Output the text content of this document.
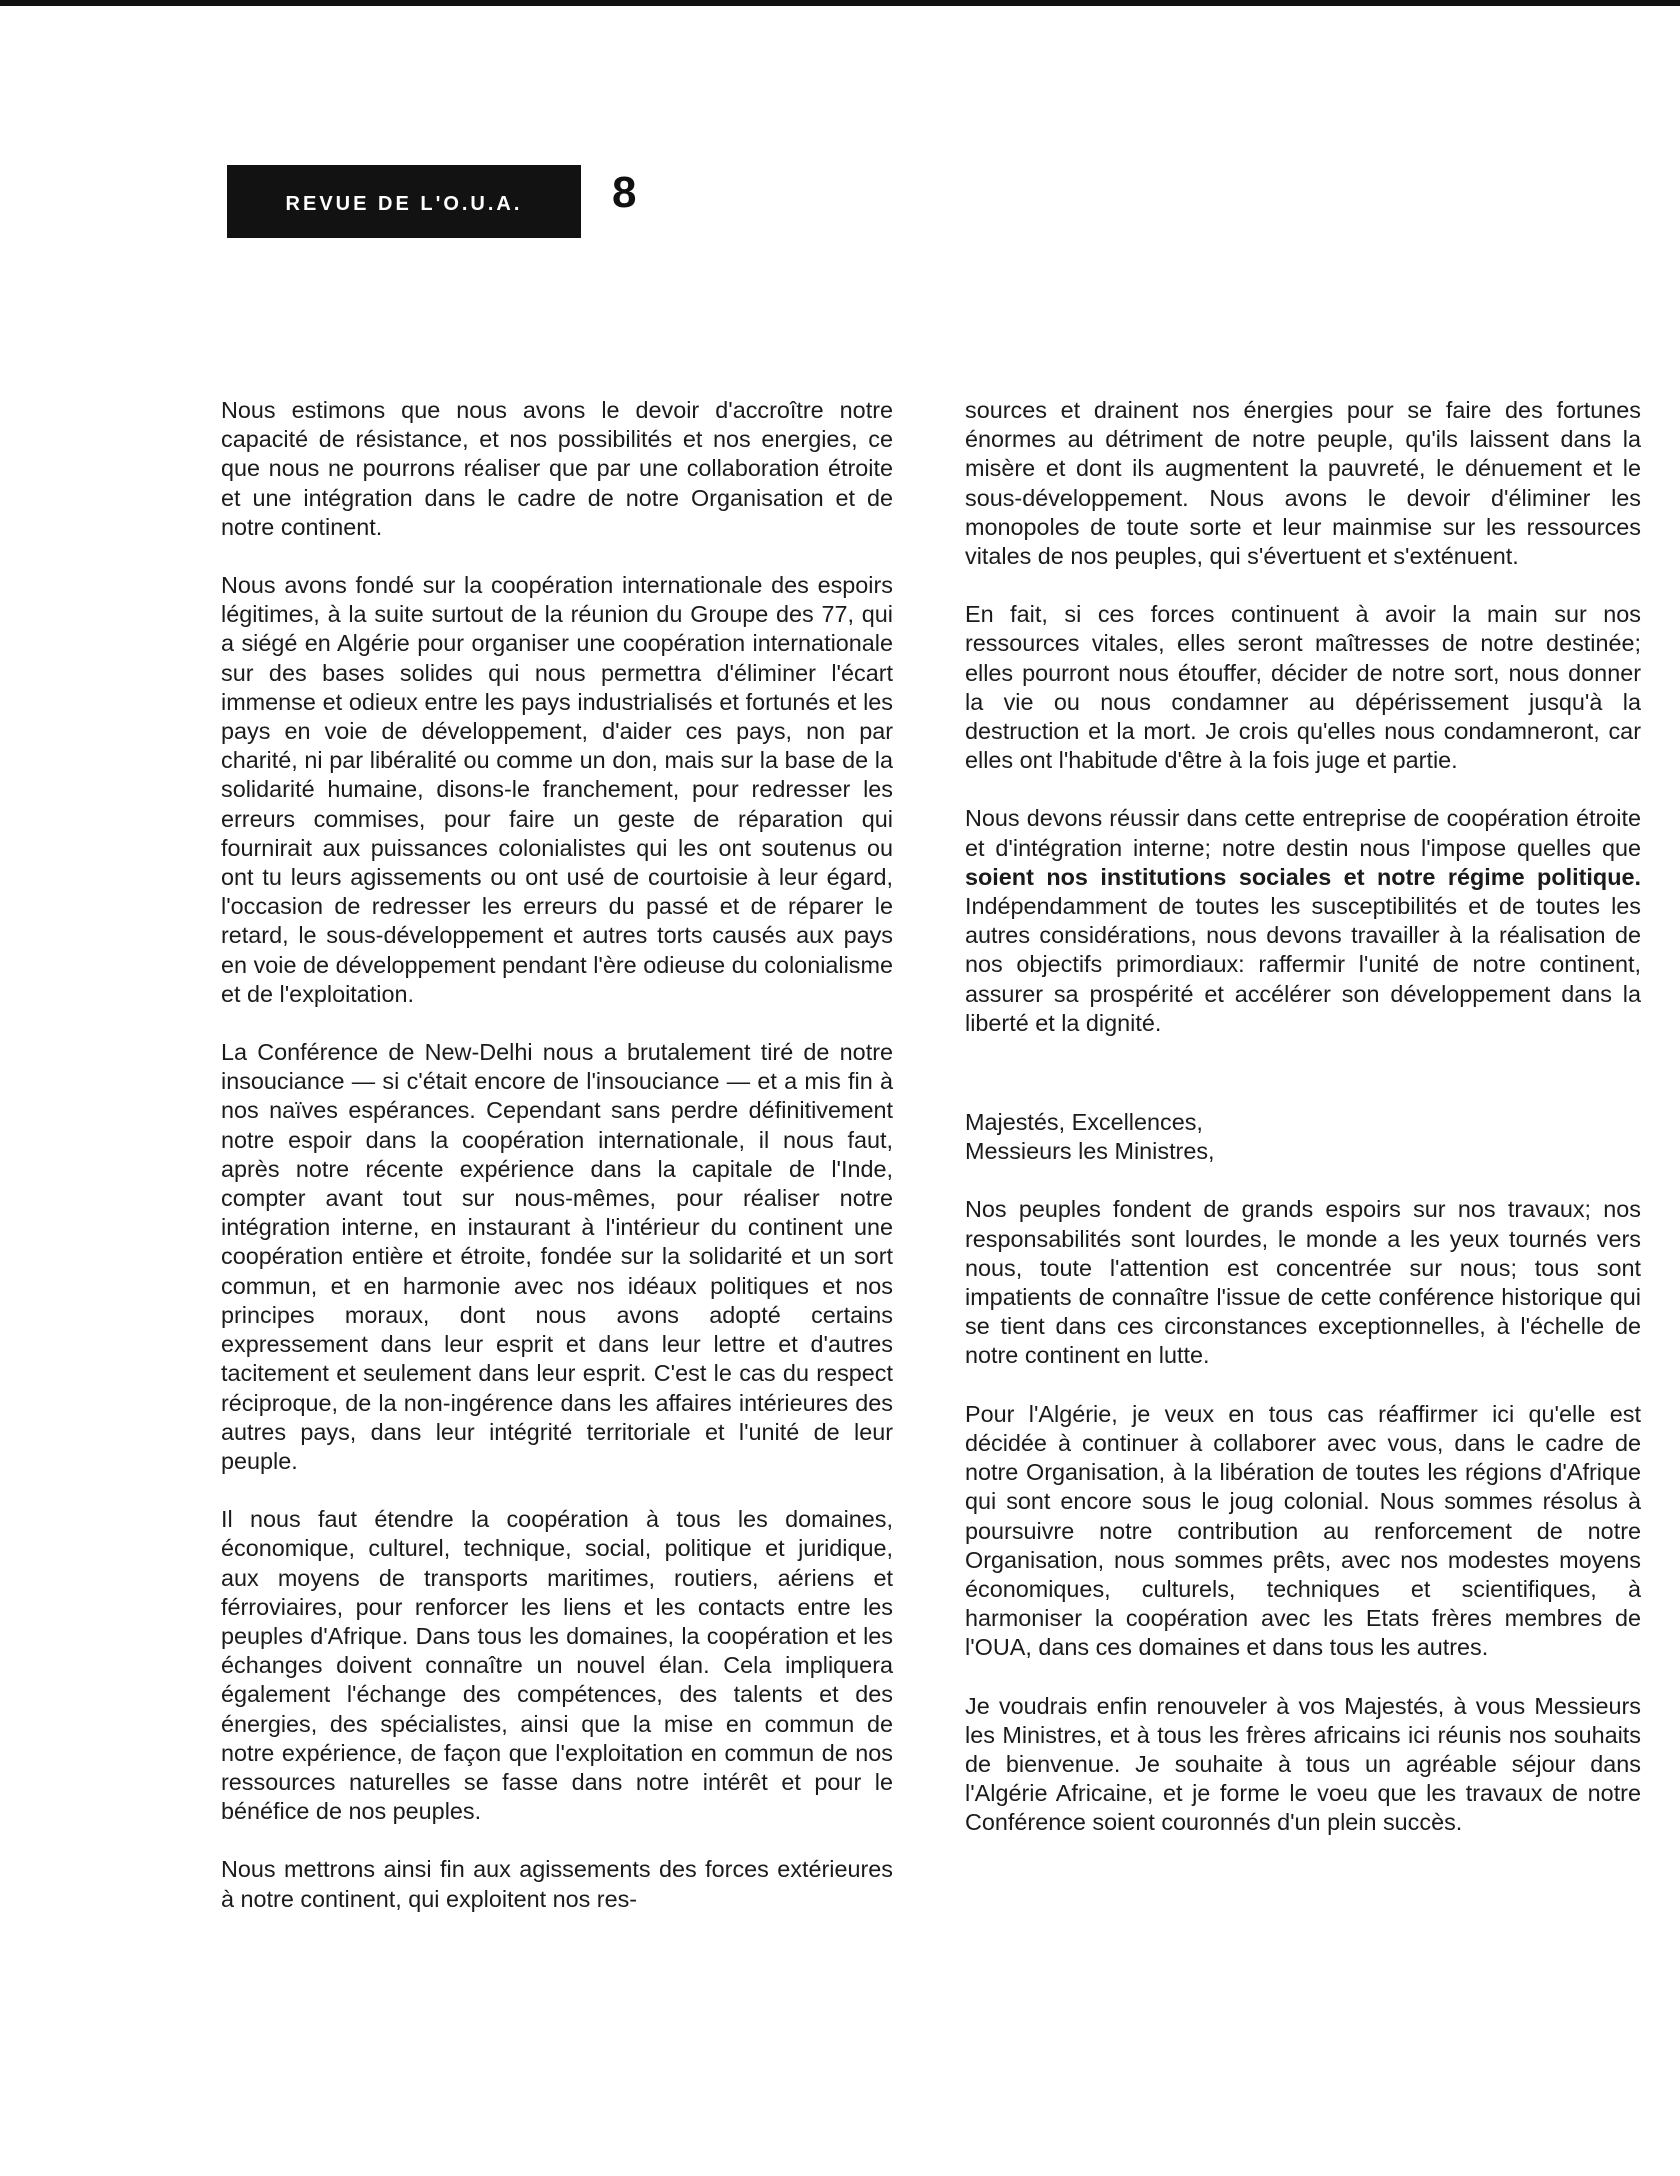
REVUE DE L'O.U.A. 8

Nous estimons que nous avons le devoir d'accroître notre capacité de résistance, et nos possibilités et nos energies, ce que nous ne pourrons réaliser que par une collaboration étroite et une intégration dans le cadre de notre Organisation et de notre continent.

Nous avons fondé sur la coopération internationale des espoirs légitimes, à la suite surtout de la réunion du Groupe des 77, qui a siégé en Algérie pour organiser une coopération internationale sur des bases solides qui nous permettra d'éliminer l'écart immense et odieux entre les pays industrialisés et fortunés et les pays en voie de développement, d'aider ces pays, non par charité, ni par libéralité ou comme un don, mais sur la base de la solidarité humaine, disons-le franchement, pour redresser les erreurs commises, pour faire un geste de réparation qui fournirait aux puissances colonialistes qui les ont soutenus ou ont tu leurs agissements ou ont usé de courtoisie à leur égard, l'occasion de redresser les erreurs du passé et de réparer le retard, le sous-développement et autres torts causés aux pays en voie de développement pendant l'ère odieuse du colonialisme et de l'exploitation.

La Conférence de New-Delhi nous a brutalement tiré de notre insouciance — si c'était encore de l'insouciance — et a mis fin à nos naïves espérances. Cependant sans perdre définitivement notre espoir dans la coopération internationale, il nous faut, après notre récente expérience dans la capitale de l'Inde, compter avant tout sur nous-mêmes, pour réaliser notre intégration interne, en instaurant à l'intérieur du continent une coopération entière et étroite, fondée sur la solidarité et un sort commun, et en harmonie avec nos idéaux politiques et nos principes moraux, dont nous avons adopté certains expressement dans leur esprit et dans leur lettre et d'autres tacitement et seulement dans leur esprit. C'est le cas du respect réciproque, de la non-ingérence dans les affaires intérieures des autres pays, dans leur intégrité territoriale et l'unité de leur peuple.

Il nous faut étendre la coopération à tous les domaines, économique, culturel, technique, social, politique et juridique, aux moyens de transports maritimes, routiers, aériens et férroviaires, pour renforcer les liens et les contacts entre les peuples d'Afrique. Dans tous les domaines, la coopération et les échanges doivent connaître un nouvel élan. Cela impliquera également l'échange des compétences, des talents et des énergies, des spécialistes, ainsi que la mise en commun de notre expérience, de façon que l'exploitation en commun de nos ressources naturelles se fasse dans notre intérêt et pour le bénéfice de nos peuples.

Nous mettrons ainsi fin aux agissements des forces extérieures à notre continent, qui exploitent nos res-

sources et drainent nos énergies pour se faire des fortunes énormes au détriment de notre peuple, qu'ils laissent dans la misère et dont ils augmentent la pauvreté, le dénuement et le sous-développement. Nous avons le devoir d'éliminer les monopoles de toute sorte et leur mainmise sur les ressources vitales de nos peuples, qui s'évertuent et s'exténuent.

En fait, si ces forces continuent à avoir la main sur nos ressources vitales, elles seront maîtresses de notre destinée; elles pourront nous étouffer, décider de notre sort, nous donner la vie ou nous condamner au dépérissement jusqu'à la destruction et la mort. Je crois qu'elles nous condamneront, car elles ont l'habitude d'être à la fois juge et partie.

Nous devons réussir dans cette entreprise de coopération étroite et d'intégration interne; notre destin nous l'impose quelles que soient nos institutions sociales et notre régime politique. Indépendamment de toutes les susceptibilités et de toutes les autres considérations, nous devons travailler à la réalisation de nos objectifs primordiaux: raffermir l'unité de notre continent, assurer sa prospérité et accélérer son développement dans la liberté et la dignité.

Majestés, Excellences,

Messieurs les Ministres,

Nos peuples fondent de grands espoirs sur nos travaux; nos responsabilités sont lourdes, le monde a les yeux tournés vers nous, toute l'attention est concentrée sur nous; tous sont impatients de connaître l'issue de cette conférence historique qui se tient dans ces circonstances exceptionnelles, à l'échelle de notre continent en lutte.

Pour l'Algérie, je veux en tous cas réaffirmer ici qu'elle est décidée à continuer à collaborer avec vous, dans le cadre de notre Organisation, à la libération de toutes les régions d'Afrique qui sont encore sous le joug colonial. Nous sommes résolus à poursuivre notre contribution au renforcement de notre Organisation, nous sommes prêts, avec nos modestes moyens économiques, culturels, techniques et scientifiques, à harmoniser la coopération avec les Etats frères membres de l'OUA, dans ces domaines et dans tous les autres.

Je voudrais enfin renouveler à vos Majestés, à vous Messieurs les Ministres, et à tous les frères africains ici réunis nos souhaits de bienvenue. Je souhaite à tous un agréable séjour dans l'Algérie Africaine, et je forme le voeu que les travaux de notre Conférence soient couronnés d'un plein succès.
